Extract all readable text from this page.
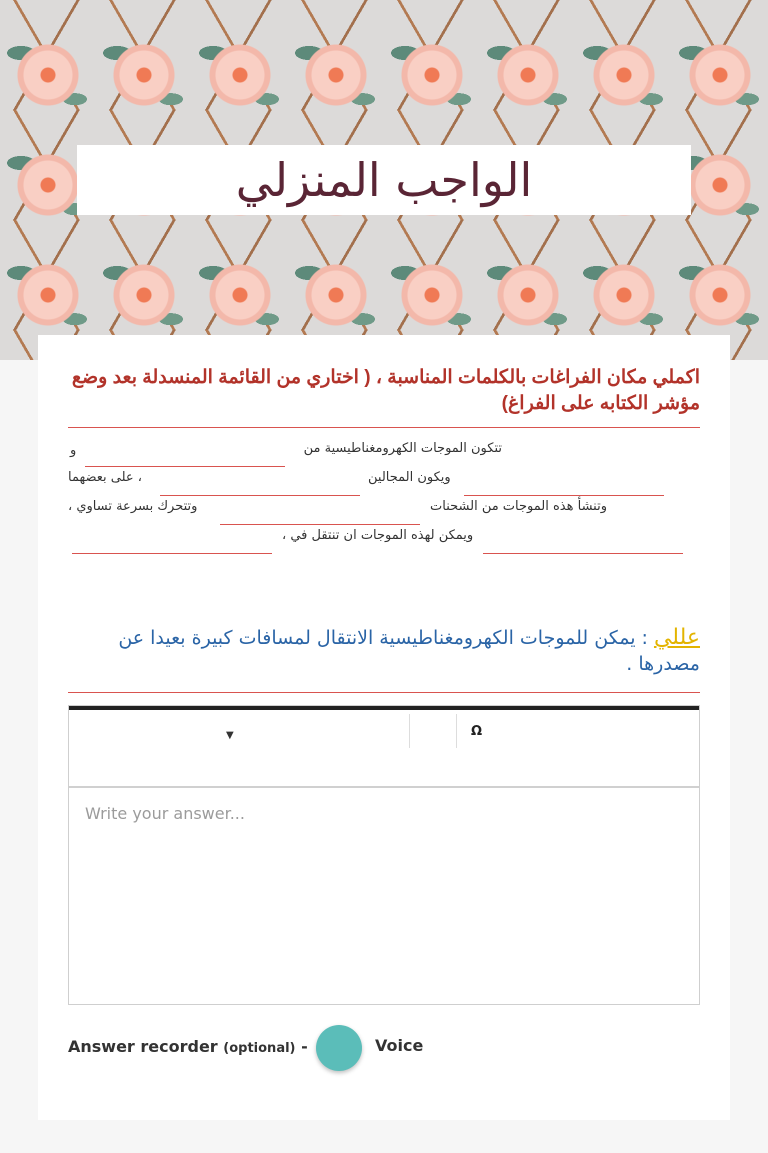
الواجب المنزلي
اكملي مكان الفراغات بالكلمات المناسبة ، ( اختاري من القائمة المنسدلة بعد وضع مؤشر الكتابه على الفراغ)
تتكون الموجات الكهرومغناطيسية من
و
ويكون المجالين
على بعضهما ،
وتنشأ هذه الموجات من الشحنات
، وتتحرك بسرعة تساوي
، ويمكن لهذه الموجات ان تنتقل في
عللي : يمكن للموجات الكهرومغناطيسية الانتقال لمسافات كبيرة بعيدا عن مصدرها .
▼	Ω
Write your answer...
Answer recorder (optional) -	Voice
